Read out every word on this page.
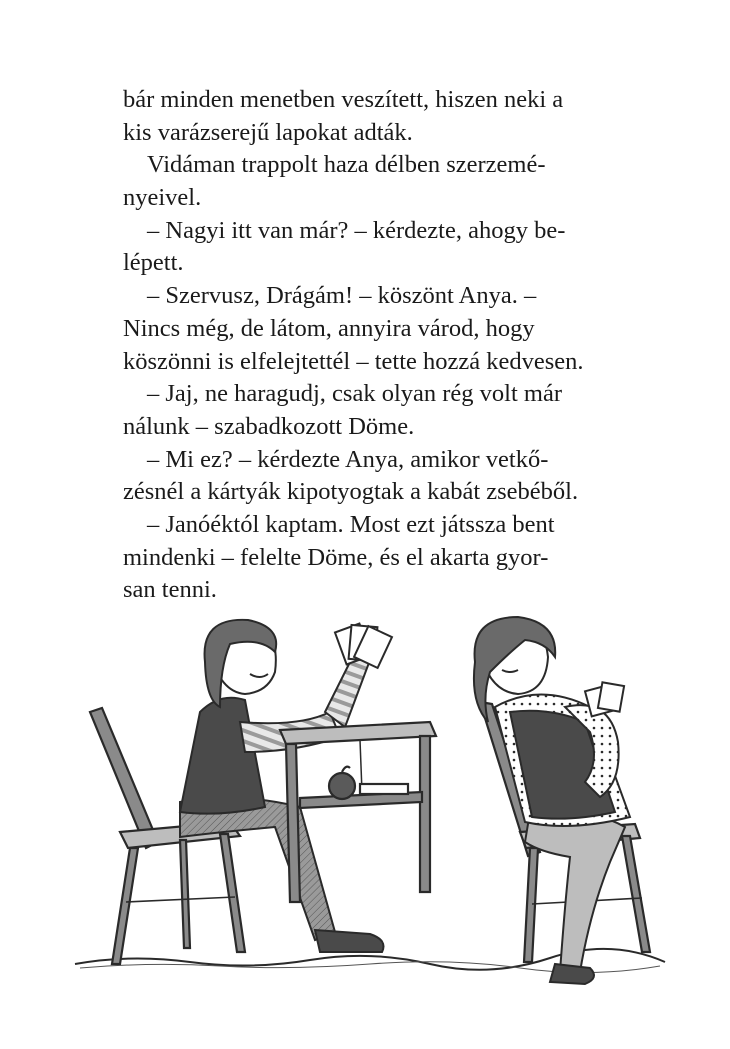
bár minden menetben veszített, hiszen neki a
kis varázserejű lapokat adták.
Vidáman trappolt haza délben szerzemé-
nyeivel.
– Nagyi itt van már? – kérdezte, ahogy be-
lépett.
– Szervusz, Drágám! – köszönt Anya. –
Nincs még, de látom, annyira várod, hogy
köszönni is elfelejtettél – tette hozzá kedvesen.
– Jaj, ne haragudj, csak olyan rég volt már
nálunk – szabadkozott Döme.
– Mi ez? – kérdezte Anya, amikor vetkő-
zésnél a kártyák kipotyogtak a kabát zsebéből.
– Janóéktól kaptam. Most ezt játssza bent
mindenki – felelte Döme, és el akarta gyor-
san tenni.
